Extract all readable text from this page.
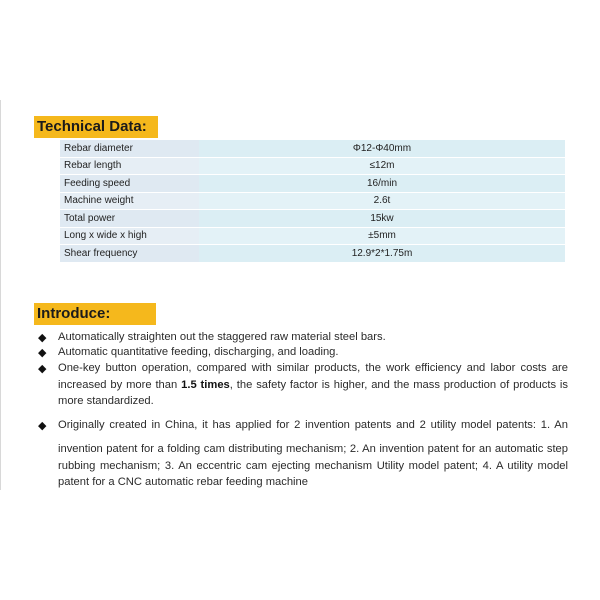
Technical Data:
Rebar diameter	Φ12-Φ40mm
Rebar length	≤12m
Feeding speed	16/min
Machine weight	2.6t
Total power	15kw
Long x wide x high	±5mm
Shear frequency	12.9*2*1.75m
Introduce:
◆ Automatically straighten out the staggered raw material steel bars.
◆ Automatic quantitative feeding, discharging, and loading.
◆ One-key button operation, compared with similar products, the work efficiency and labor costs are increased by more than 1.5 times, the safety factor is higher, and the mass production of products is more standardized.
◆ Originally created in China, it has applied for 2 invention patents and 2 utility model patents: 1. An
invention patent for a folding cam distributing mechanism; 2. An invention patent for an automatic step rubbing mechanism; 3. An eccentric cam ejecting mechanism Utility model patent; 4. A utility model patent for a CNC automatic rebar feeding machine
